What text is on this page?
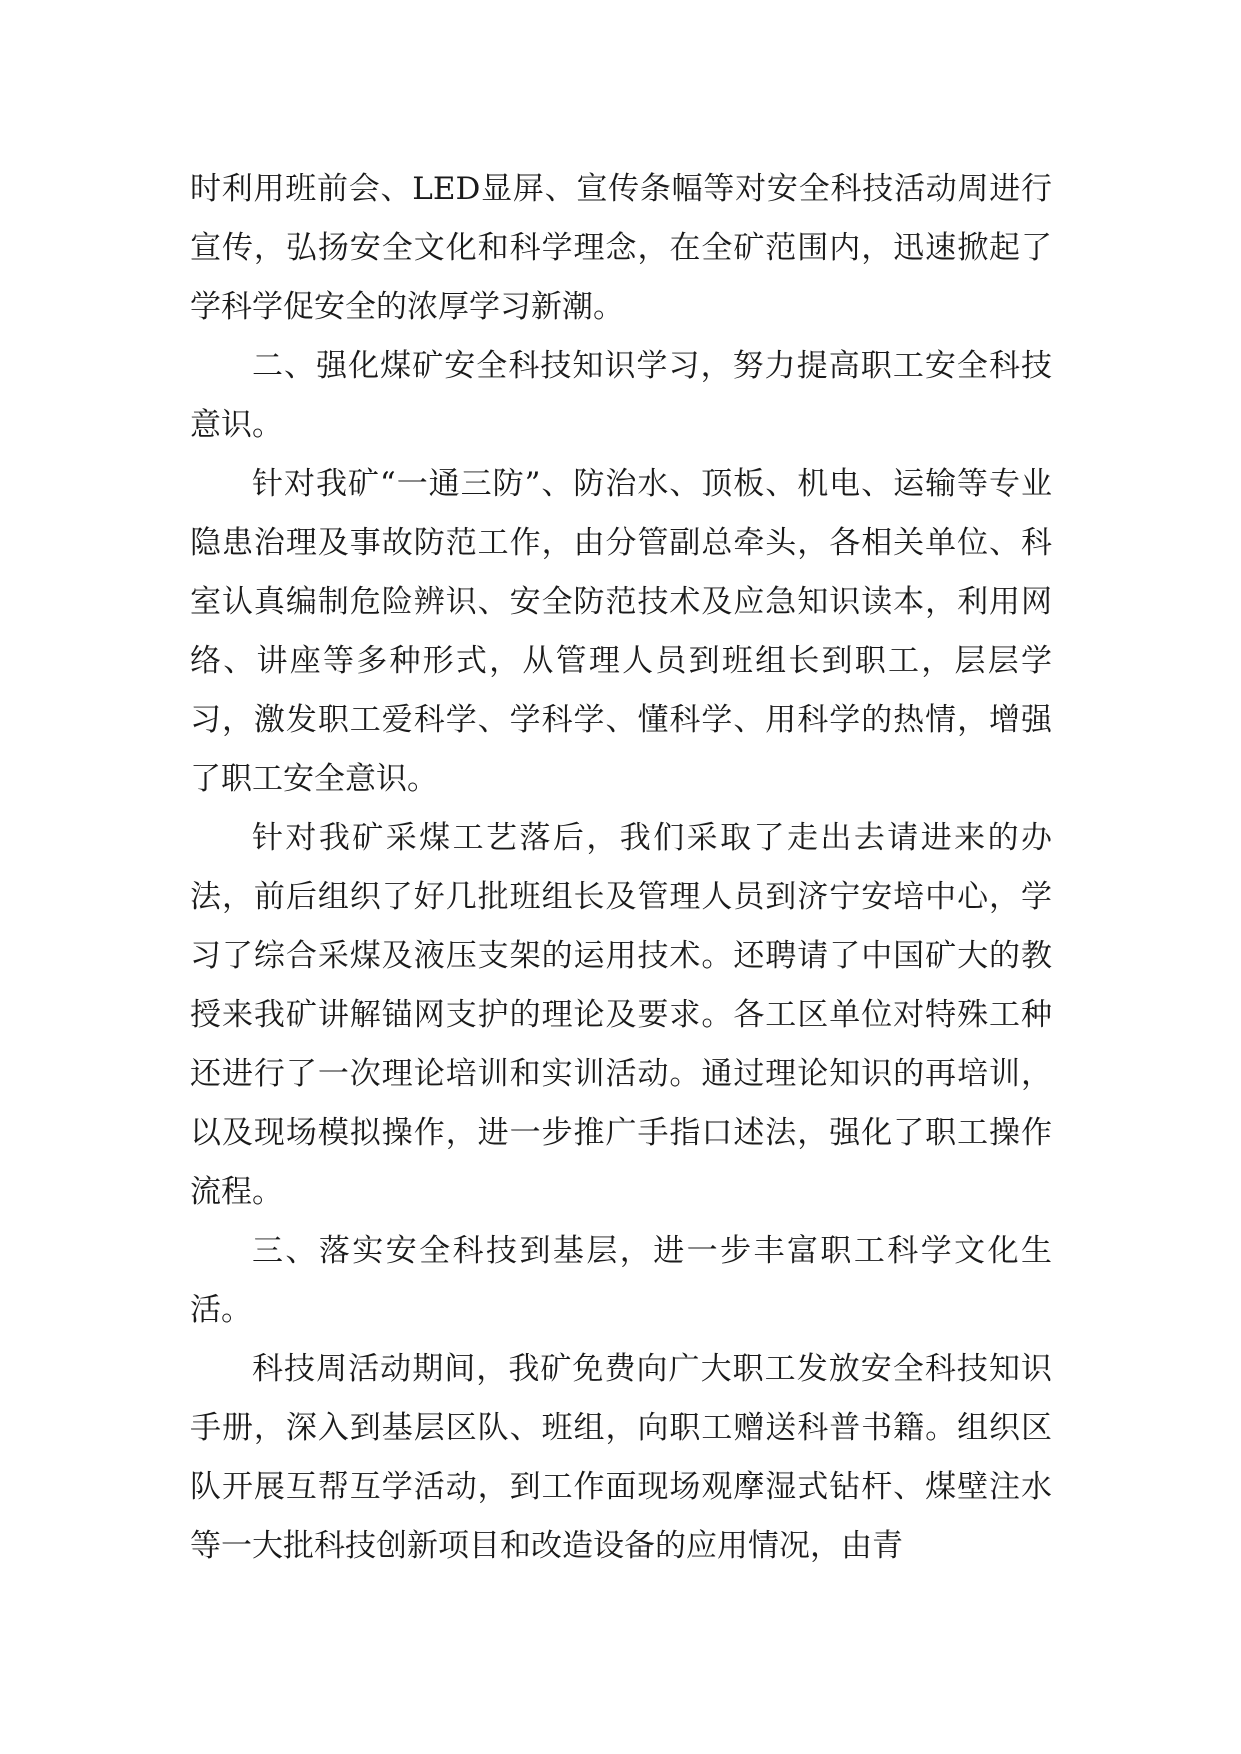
时利用班前会、LED显屏、宣传条幅等对安全科技活动周进行宣传，弘扬安全文化和科学理念，在全矿范围内，迅速掀起了学科学促安全的浓厚学习新潮。

二、强化煤矿安全科技知识学习，努力提高职工安全科技意识。

针对我矿“一通三防”、防治水、顶板、机电、运输等专业隐患治理及事故防范工作，由分管副总牵头，各相关单位、科室认真编制危险辨识、安全防范技术及应急知识读本，利用网络、讲座等多种形式，从管理人员到班组长到职工，层层学习，激发职工爱科学、学科学、懂科学、用科学的热情，增强了职工安全意识。

针对我矿采煤工艺落后，我们采取了走出去请进来的办法，前后组织了好几批班组长及管理人员到济宁安培中心，学习了综合采煤及液压支架的运用技术。还聘请了中国矿大的教授来我矿讲解锚网支护的理论及要求。各工区单位对特殊工种还进行了一次理论培训和实训活动。通过理论知识的再培训，以及现场模拟操作，进一步推广手指口述法，强化了职工操作流程。

三、落实安全科技到基层，进一步丰富职工科学文化生活。

科技周活动期间，我矿免费向广大职工发放安全科技知识手册，深入到基层区队、班组，向职工赠送科普书籍。组织区队开展互帮互学活动，到工作面现场观摩湿式钻杆、煤壁注水等一大批科技创新项目和改造设备的应用情况，由青
